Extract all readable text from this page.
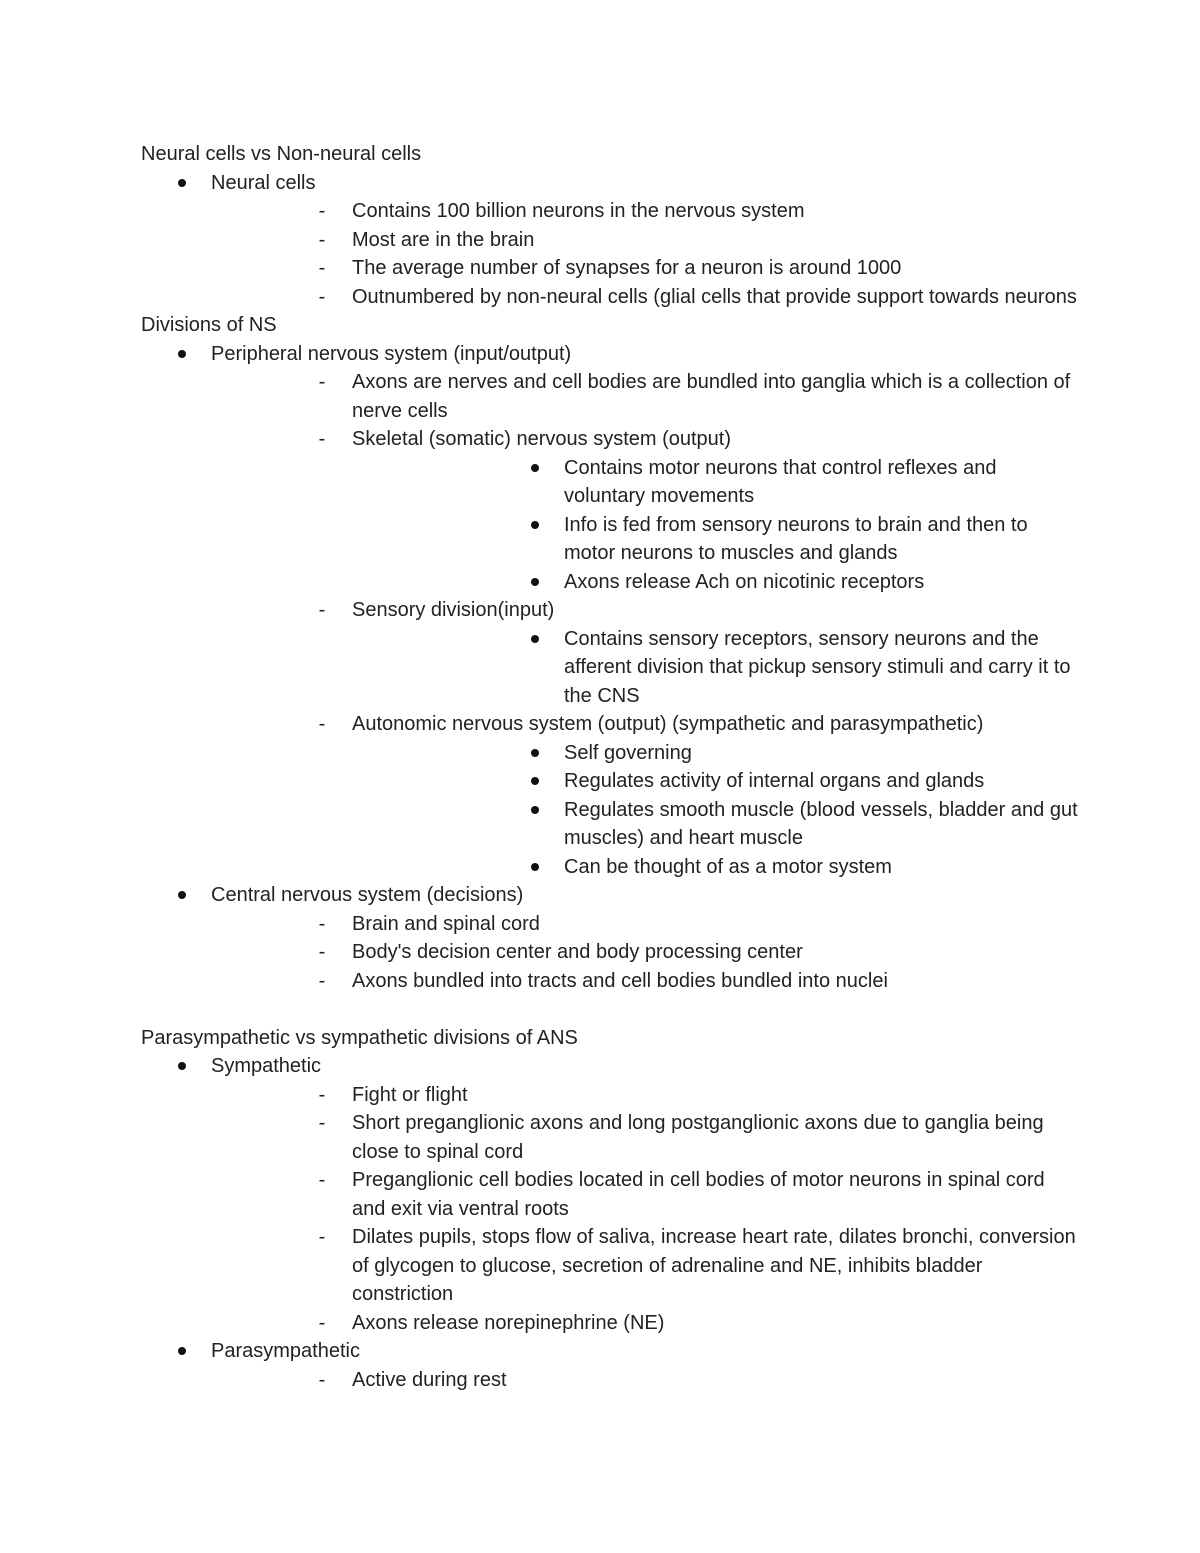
Neural cells vs Non-neural cells
Neural cells
- Contains 100 billion neurons in the nervous system
- Most are in the brain
- The average number of synapses for a neuron is around 1000
- Outnumbered by non-neural cells (glial cells that provide support towards neurons
Divisions of NS
Peripheral nervous system (input/output)
- Axons are nerves and cell bodies are bundled into ganglia which is a collection of nerve cells
- Skeletal (somatic) nervous system (output)
Contains motor neurons that control reflexes and voluntary movements
Info is fed from sensory neurons to brain and then to motor neurons to muscles and glands
Axons release Ach on nicotinic receptors
- Sensory division(input)
Contains sensory receptors, sensory neurons and the afferent division that pickup sensory stimuli and carry it to the CNS
- Autonomic nervous system (output) (sympathetic and parasympathetic)
Self governing
Regulates activity of internal organs and glands
Regulates smooth muscle (blood vessels, bladder and gut muscles) and heart muscle
Can be thought of as a motor system
Central nervous system (decisions)
- Brain and spinal cord
- Body's decision center and body processing center
- Axons bundled into tracts and cell bodies bundled into nuclei
Parasympathetic vs sympathetic divisions of ANS
Sympathetic
- Fight or flight
- Short preganglionic axons and long postganglionic axons due to ganglia being close to spinal cord
- Preganglionic cell bodies located in cell bodies of motor neurons in spinal cord and exit via ventral roots
- Dilates pupils, stops flow of saliva, increase heart rate, dilates bronchi, conversion of glycogen to glucose, secretion of adrenaline and NE, inhibits bladder constriction
- Axons release norepinephrine (NE)
Parasympathetic
- Active during rest
